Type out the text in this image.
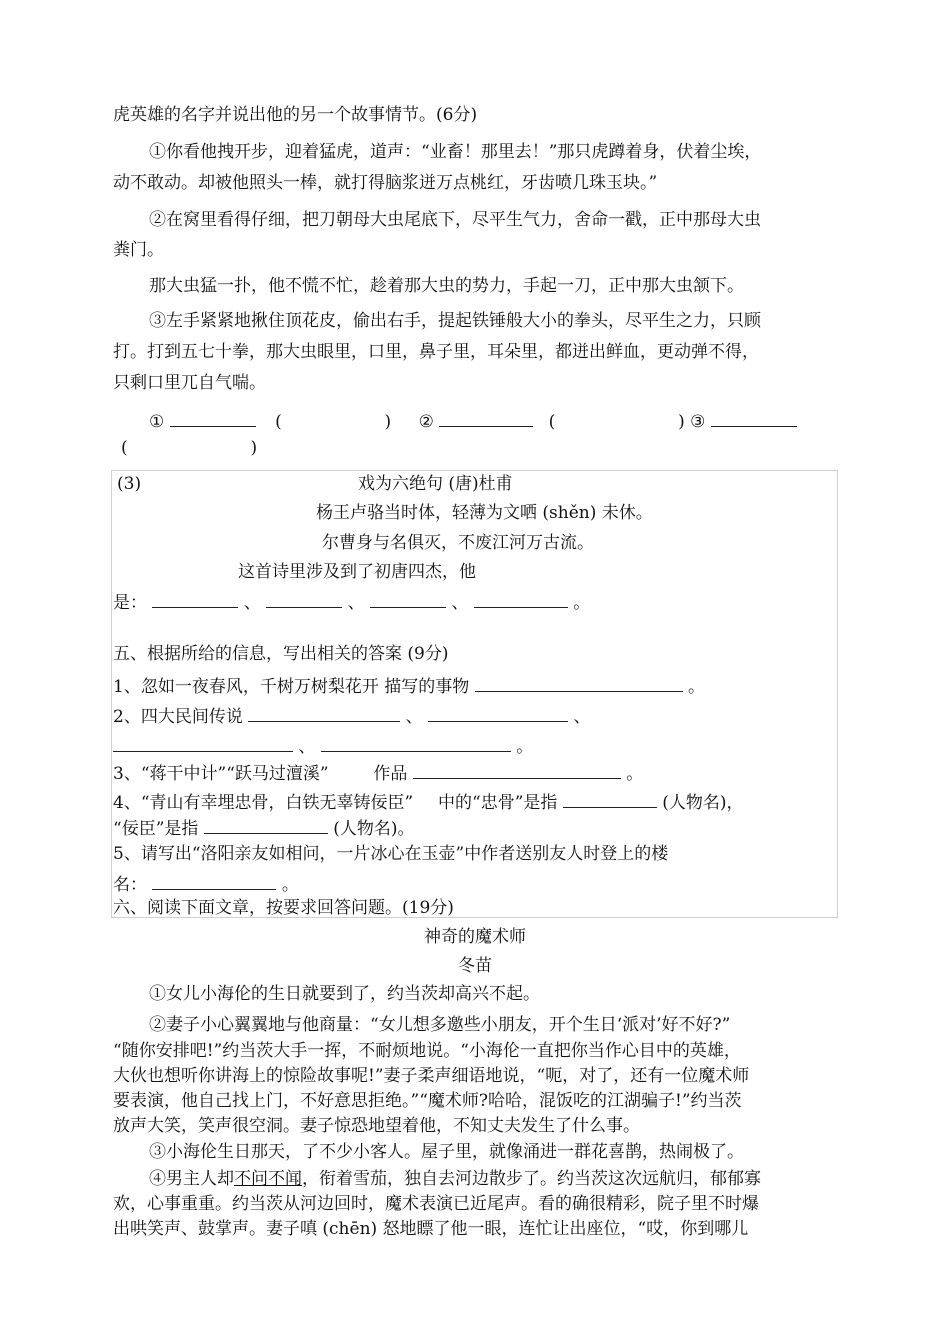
虎英雄的名字并说出他的另一个故事情节。(6分)
①你看他拽开步，迎着猛虎，道声：“业畜！那里去！”那只虎蹲着身，伏着尘埃，
动不敢动。却被他照头一棒，就打得脑浆迸万点桃红，牙齿喷几珠玉块。”
②在窝里看得仔细，把刀朝母大虫尾底下，尽平生气力，舍命一戳，正中那母大虫
粪门。
那大虫猛一扑，他不慌不忙，趁着那大虫的势力，手起一刀，正中那大虫颔下。
③左手紧紧地揪住顶花皮，偷出右手，提起铁锤般大小的拳头，尽平生之力，只顾
打。打到五七十拳，那大虫眼里，口里，鼻子里，耳朵里，都迸出鲜血，更动弹不得，
只剩口里兀自气喘。
①	(	) ②	(	) ③
(	)
(3)	戏为六绝句 (唐)杜甫
杨王卢骆当时体，轻薄为文哂 (shěn) 未休。
尔曹身与名俱灭，不废江河万古流。
这首诗里涉及到了初唐四杰，他
是：	、	、	、	。
五、根据所给的信息，写出相关的答案 (9分)
1、忽如一夜春风，千树万树梨花开 描写的事物	。
2、四大民间传说	、	、
、	。
3、“蒋干中计”“跃马过澶溪”	作品	。
4、“青山有幸埋忠骨，白铁无辜铸佞臣” 中的“忠骨”是指	(人物名)，
“佞臣”是指	(人物名)。
5、请写出“洛阳亲友如相问，一片冰心在玉壶”中作者送别友人时登上的楼
名：	。
六、阅读下面文章，按要求回答问题。(19分)
神奇的魔术师
冬苗
①女儿小海伦的生日就要到了，约当茨却高兴不起。
②妻子小心翼翼地与他商量：“女儿想多邀些小朋友，开个生日‘派对’好不好?”
“随你安排吧!”约当茨大手一挥，不耐烦地说。“小海伦一直把你当作心目中的英雄，
大伙也想听你讲海上的惊险故事呢!”妻子柔声细语地说，“呃，对了，还有一位魔术师
要表演，他自己找上门，不好意思拒绝。”“魔术师?哈哈，混饭吃的江湖骗子!”约当茨
放声大笑，笑声很空洞。妻子惊恐地望着他，不知丈夫发生了什么事。
③小海伦生日那天，了不少小客人。屋子里，就像涌进一群花喜鹊，热闹极了。
④男主人却不问不闻，衔着雪茄，独自去河边散步了。约当茨这次远航归，郁郁寡
欢，心事重重。约当茨从河边回时，魔术表演已近尾声。看的确很精彩，院子里不时爆
出哄笑声、鼓掌声。妻子嗔 (chēn) 怒地瞟了他一眼，连忙让出座位，“哎，你到哪儿
